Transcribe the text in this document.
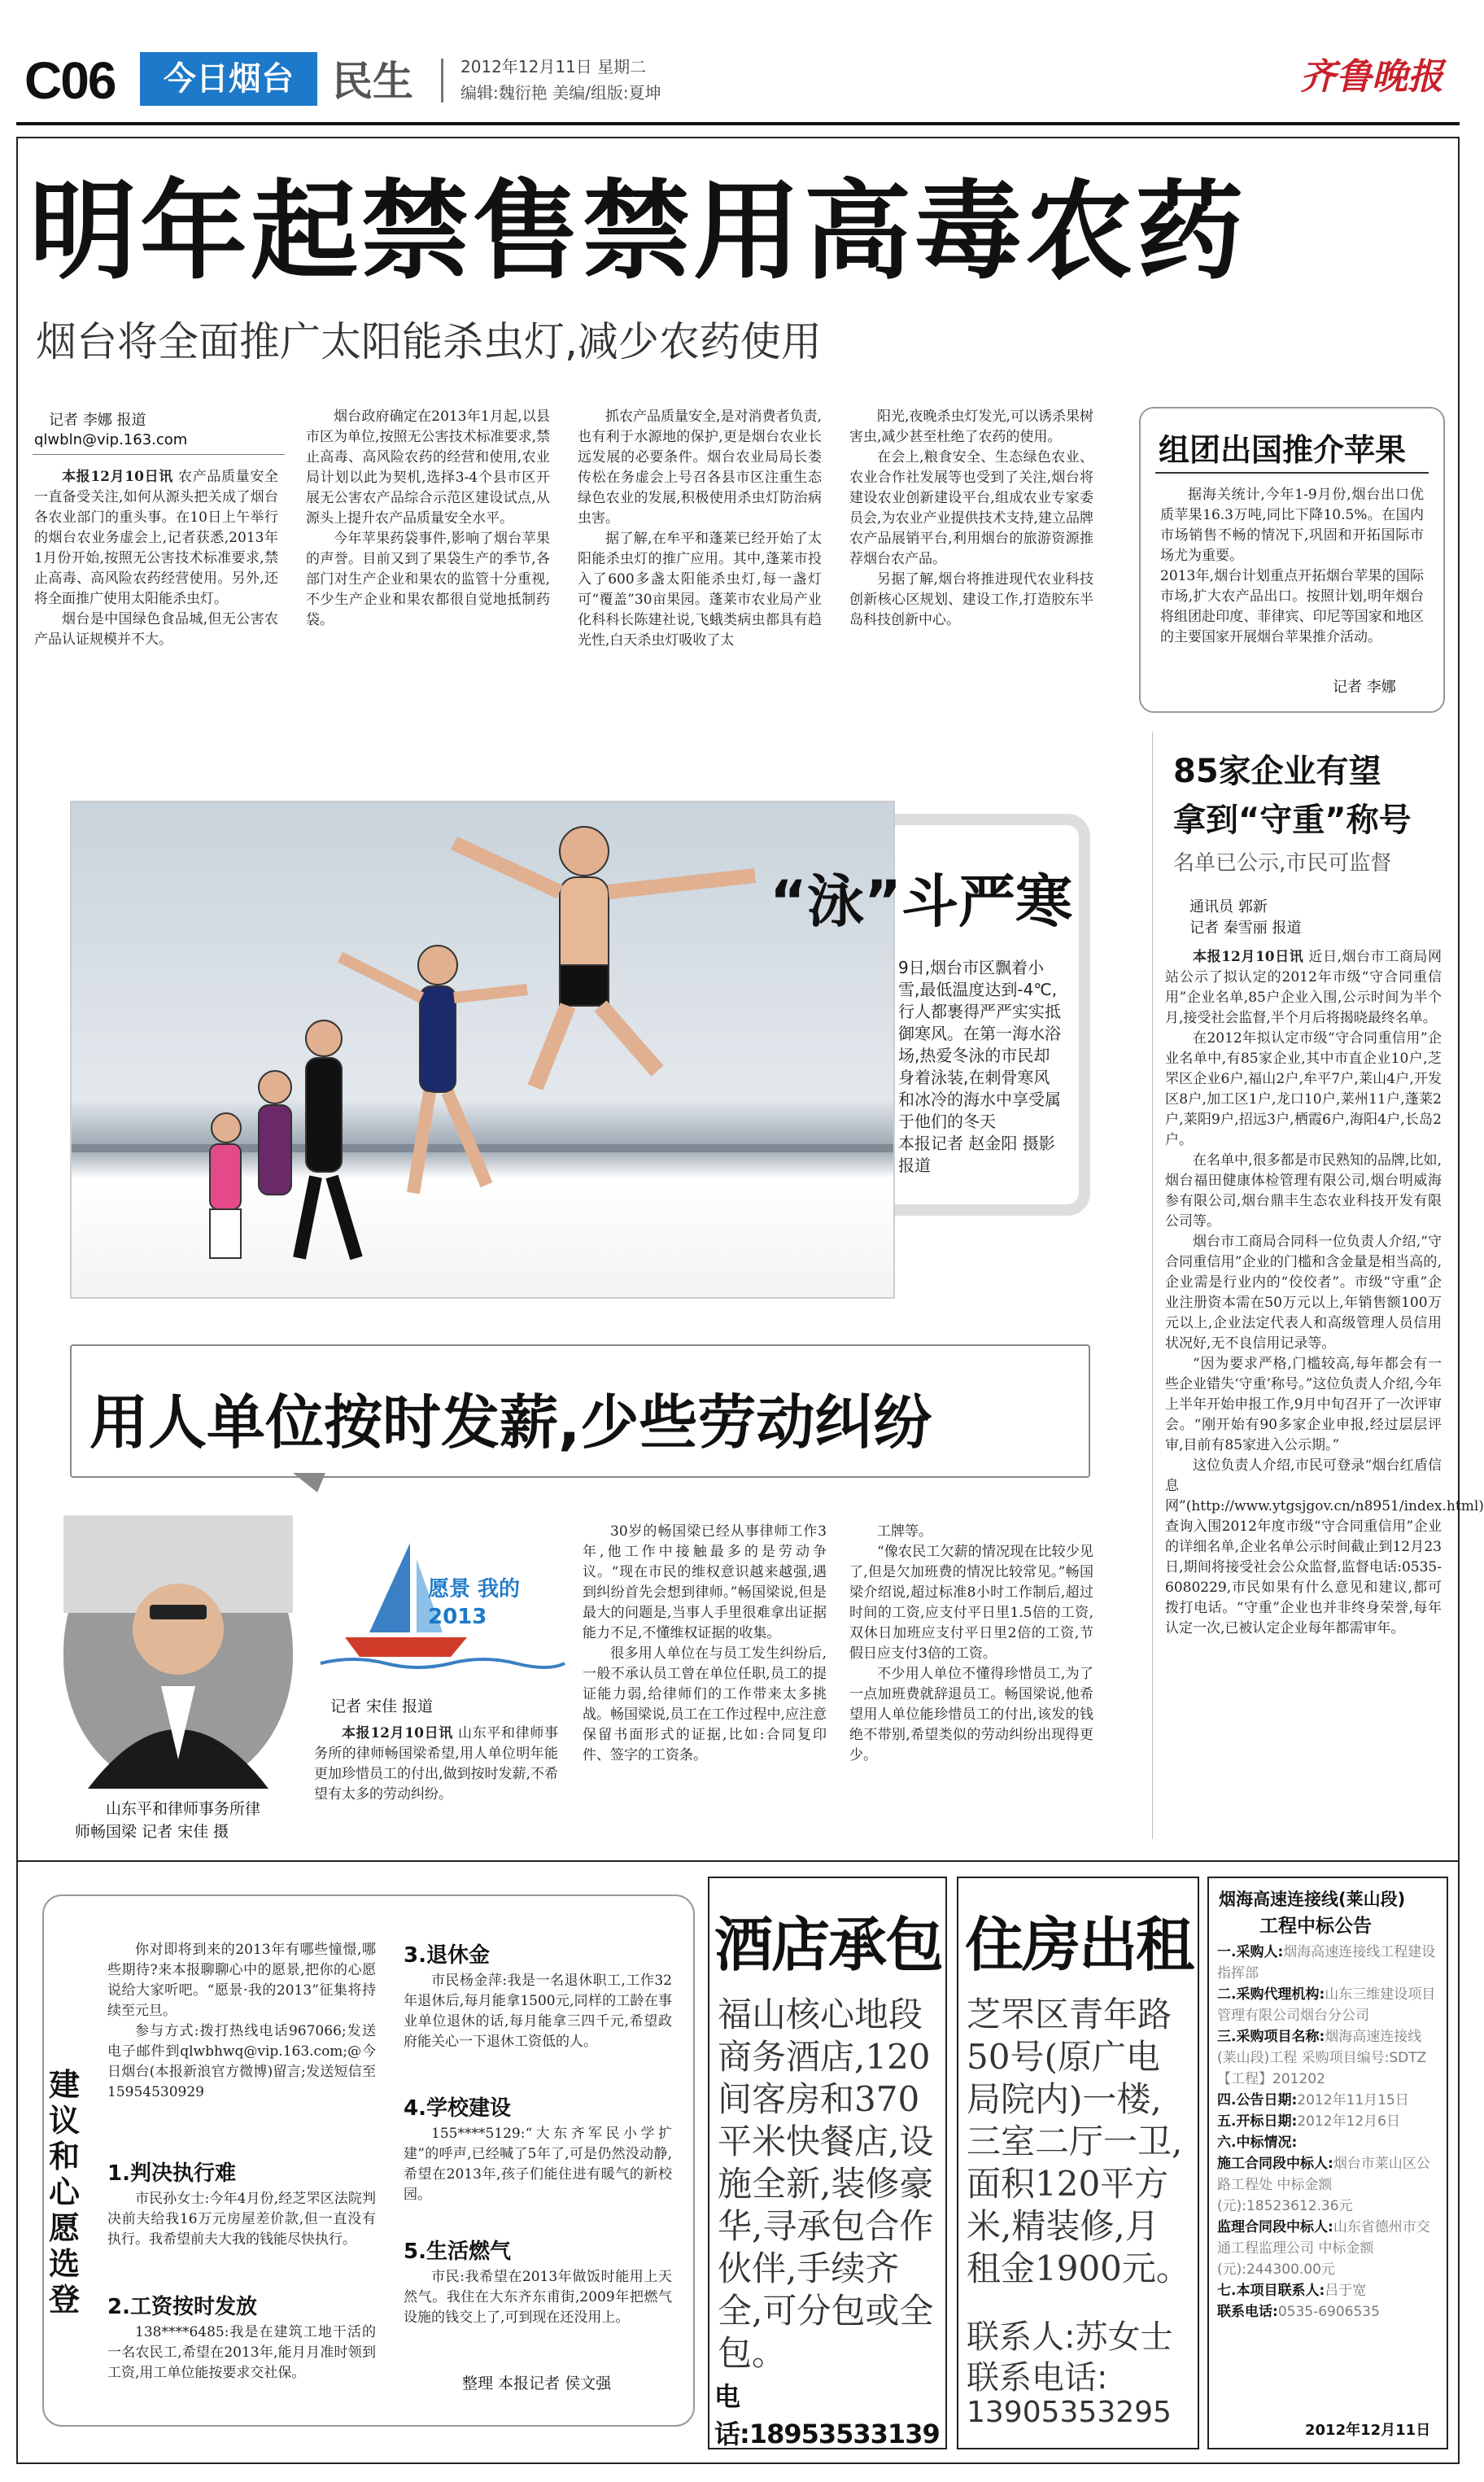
C06	今日烟台 民生	2012年12月11日 星期二
编辑:魏衍艳 美编/组版:夏坤	齐鲁晚报
明年起禁售禁用高毒农药
烟台将全面推广太阳能杀虫灯,减少农药使用
记者 李娜 报道
qlwbln@vip.163.com

本报12月10日讯 农产品质量安全一直备受关注,如何从源头把关成了烟台各农业部门的重头事。在10日上午举行的烟台农业务虚会上,记者获悉,2013年1月份开始,按照无公害技术标准要求,禁止高毒、高风险农药经营使用。另外,还将全面推广使用太阳能杀虫灯。

烟台是中国绿色食品城,但无公害农产品认证规模并不大。

烟台政府确定在2013年1月起,以县市区为单位,按照无公害技术标准要求,禁止高毒、高风险农药的经营和使用,农业局计划以此为契机,选择3-4个县市区开展无公害农产品综合示范区建设试点,从源头上提升农产品质量安全水平。

今年苹果药袋事件,影响了烟台苹果的声誉。目前又到了果袋生产的季节,各部门对生产企业和果农的监管十分重视,不少生产企业和果农都很自觉地抵制药袋。

抓农产品质量安全,是对消费者负责,也有利于水源地的保护,更是烟台农业长远发展的必要条件。烟台农业局局长娄传松在务虚会上号召各县市区注重生态绿色农业的发展,积极使用杀虫灯防治病虫害。

据了解,在牟平和蓬莱已经开始了太阳能杀虫灯的推广应用。其中,蓬莱市投入了600多盏太阳能杀虫灯,每一盏灯可“覆盖”30亩果园。蓬莱市农业局产业化科科长陈建社说,飞蛾类病虫都具有趋光性,白天杀虫灯吸收了太

阳光,夜晚杀虫灯发光,可以诱杀果树害虫,减少甚至杜绝了农药的使用。

在会上,粮食安全、生态绿色农业、农业合作社发展等也受到了关注,烟台将建设农业创新建设平台,组成农业专家委员会,为农业产业提供技术支持,建立品牌农产品展销平台,利用烟台的旅游资源推荐烟台农产品。

另据了解,烟台将推进现代农业科技创新核心区规划、建设工作,打造胶东半岛科技创新中心。

组团出国推介苹果
据海关统计,今年1-9月份,烟台出口优质苹果16.3万吨,同比下降10.5%。在国内市场销售不畅的情况下,巩固和开拓国际市场尤为重要。
2013年,烟台计划重点开拓烟台苹果的国际市场,扩大农产品出口。按照计划,明年烟台将组团赴印度、菲律宾、印尼等国家和地区的主要国家开展烟台苹果推介活动。
记者 李娜
85家企业有望
拿到“守重”称号
名单已公示,市民可监督
通讯员 郭新
记者 秦雪丽 报道

本报12月10日讯 近日,烟台市工商局网站公示了拟认定的2012年市级“守合同重信用”企业名单,85户企业入围,公示时间为半个月,接受社会监督,半个月后将揭晓最终名单。

在2012年拟认定市级“守合同重信用”企业名单中,有85家企业,其中市直企业10户,芝罘区企业6户,福山2户,牟平7户,莱山4户,开发区8户,加工区1户,龙口10户,莱州11户,蓬莱2户,莱阳9户,招远3户,栖霞6户,海阳4户,长岛2户。

在名单中,很多都是市民熟知的品牌,比如,烟台福田健康体检管理有限公司,烟台明威海参有限公司,烟台鼎丰生态农业科技开发有限公司等。

烟台市工商局合同科一位负责人介绍,“守合同重信用”企业的门槛和含金量是相当高的,企业需是行业内的“佼佼者”。市级“守重”企业注册资本需在50万元以上,年销售额100万元以上,企业法定代表人和高级管理人员信用状况好,无不良信用记录等。

“因为要求严格,门槛较高,每年都会有一些企业错失‘守重’称号。”这位负责人介绍,今年上半年开始申报工作,9月中旬召开了一次评审会。“刚开始有90多家企业申报,经过层层评审,目前有85家进入公示期。”

这位负责人介绍,市民可登录“烟台红盾信息网”(http://www.ytgsjgov.cn/n8951/index.html)查询入围2012年度市级“守合同重信用”企业的详细名单,企业名单公示时间截止到12月23日,期间将接受社会公众监督,监督电话:0535-6080229,市民如果有什么意见和建议,都可拨打电话。“守重”企业也并非终身荣誉,每年认定一次,已被认定企业每年都需审年。

“泳”斗严寒
9日,烟台市区飘着小雪,最低温度达到-4℃,行人都裹得严严实实抵御寒风。在第一海水浴场,热爱冬泳的市民却身着泳装,在刺骨寒风和冰冷的海水中享受属于他们的冬天
本报记者 赵金阳 摄影报道
用人单位按时发薪,少些劳动纠纷
山东平和律师事务所律
师畅国梁 记者 宋佳 摄
愿景 我的2013
记者 宋佳 报道

本报12月10日讯 山东平和律师事务所的律师畅国梁希望,用人单位明年能更加珍惜员工的付出,做到按时发薪,不希望有太多的劳动纠纷。

30岁的畅国梁已经从事律师工作3年,他工作中接触最多的是劳动争议。“现在市民的维权意识越来越强,遇到纠纷首先会想到律师。”畅国梁说,但是最大的问题是,当事人手里很难拿出证据能力不足,不懂维权证据的收集。

很多用人单位在与员工发生纠纷后,一般不承认员工曾在单位任职,员工的提证能力弱,给律师们的工作带来太多挑战。畅国梁说,员工在工作过程中,应注意保留书面形式的证据,比如:合同复印件、签字的工资条。

工牌等。

“像农民工欠薪的情况现在比较少见了,但是欠加班费的情况比较常见。”畅国梁介绍说,超过标准8小时工作制后,超过时间的工资,应支付平日里1.5倍的工资,双休日加班应支付平日里2倍的工资,节假日应支付3倍的工资。

不少用人单位不懂得珍惜员工,为了一点加班费就辞退员工。畅国梁说,他希望用人单位能珍惜员工的付出,该发的钱绝不带别,希望类似的劳动纠纷出现得更少。

建议和心愿选登

你对即将到来的2013年有哪些憧憬,哪些期待?来本报聊聊心中的愿景,把你的心愿说给大家听吧。“愿景·我的2013”征集将持续至元旦。

参与方式:拨打热线电话967066;发送电子邮件到qlwbhwq@vip.163.com;@今日烟台(本报新浪官方微博)留言;发送短信至15954530929

1.判决执行难

市民孙女士:今年4月份,经芝罘区法院判决前夫给我16万元房屋差价款,但一直没有执行。我希望前夫大我的钱能尽快执行。

2.工资按时发放

138****6485:我是在建筑工地干活的一名农民工,希望在2013年,能月月准时领到工资,用工单位能按要求交社保。

3.退休金

市民杨金萍:我是一名退休职工,工作32年退休后,每月能拿1500元,同样的工龄在事业单位退休的话,每月能拿三四千元,希望政府能关心一下退休工资低的人。

4.学校建设

155****5129:“大东齐军民小学扩建”的呼声,已经喊了5年了,可是仍然没动静,希望在2013年,孩子们能住进有暖气的新校园。

5.生活燃气

市民:我希望在2013年做饭时能用上天然气。我住在大东齐东甫街,2009年把燃气设施的钱交上了,可到现在还没用上。

整理 本报记者 侯文强
酒店承包
福山核心地段商务酒店,120间客房和370平米快餐店,设施全新,装修豪华,寻承包合作伙伴,手续齐全,可分包或全包。
电话:18953533139
住房出租
芝罘区青年路50号(原广电局院内)一楼,三室二厅一卫,面积120平方米,精装修,月租金1900元。
联系人:苏女士
联系电话:
13905353295
烟海高速连接线(莱山段)
工程中标公告
一.采购人:烟海高速连接线工程建设指挥部
二.采购代理机构:山东三维建设项目管理有限公司烟台分公司
三.采购项目名称:烟海高速连接线(莱山段)工程 采购项目编号:SDTZ【工程】201202
四.公告日期:2012年11月15日
五.开标日期:2012年12月6日
六.中标情况:
施工合同段中标人:烟台市莱山区公路工程处 中标金额(元):18523612.36元
监理合同段中标人:山东省德州市交通工程监理公司 中标金额(元):244300.00元
七.本项目联系人:吕于宽
联系电话:0535-6906535
2012年12月11日
